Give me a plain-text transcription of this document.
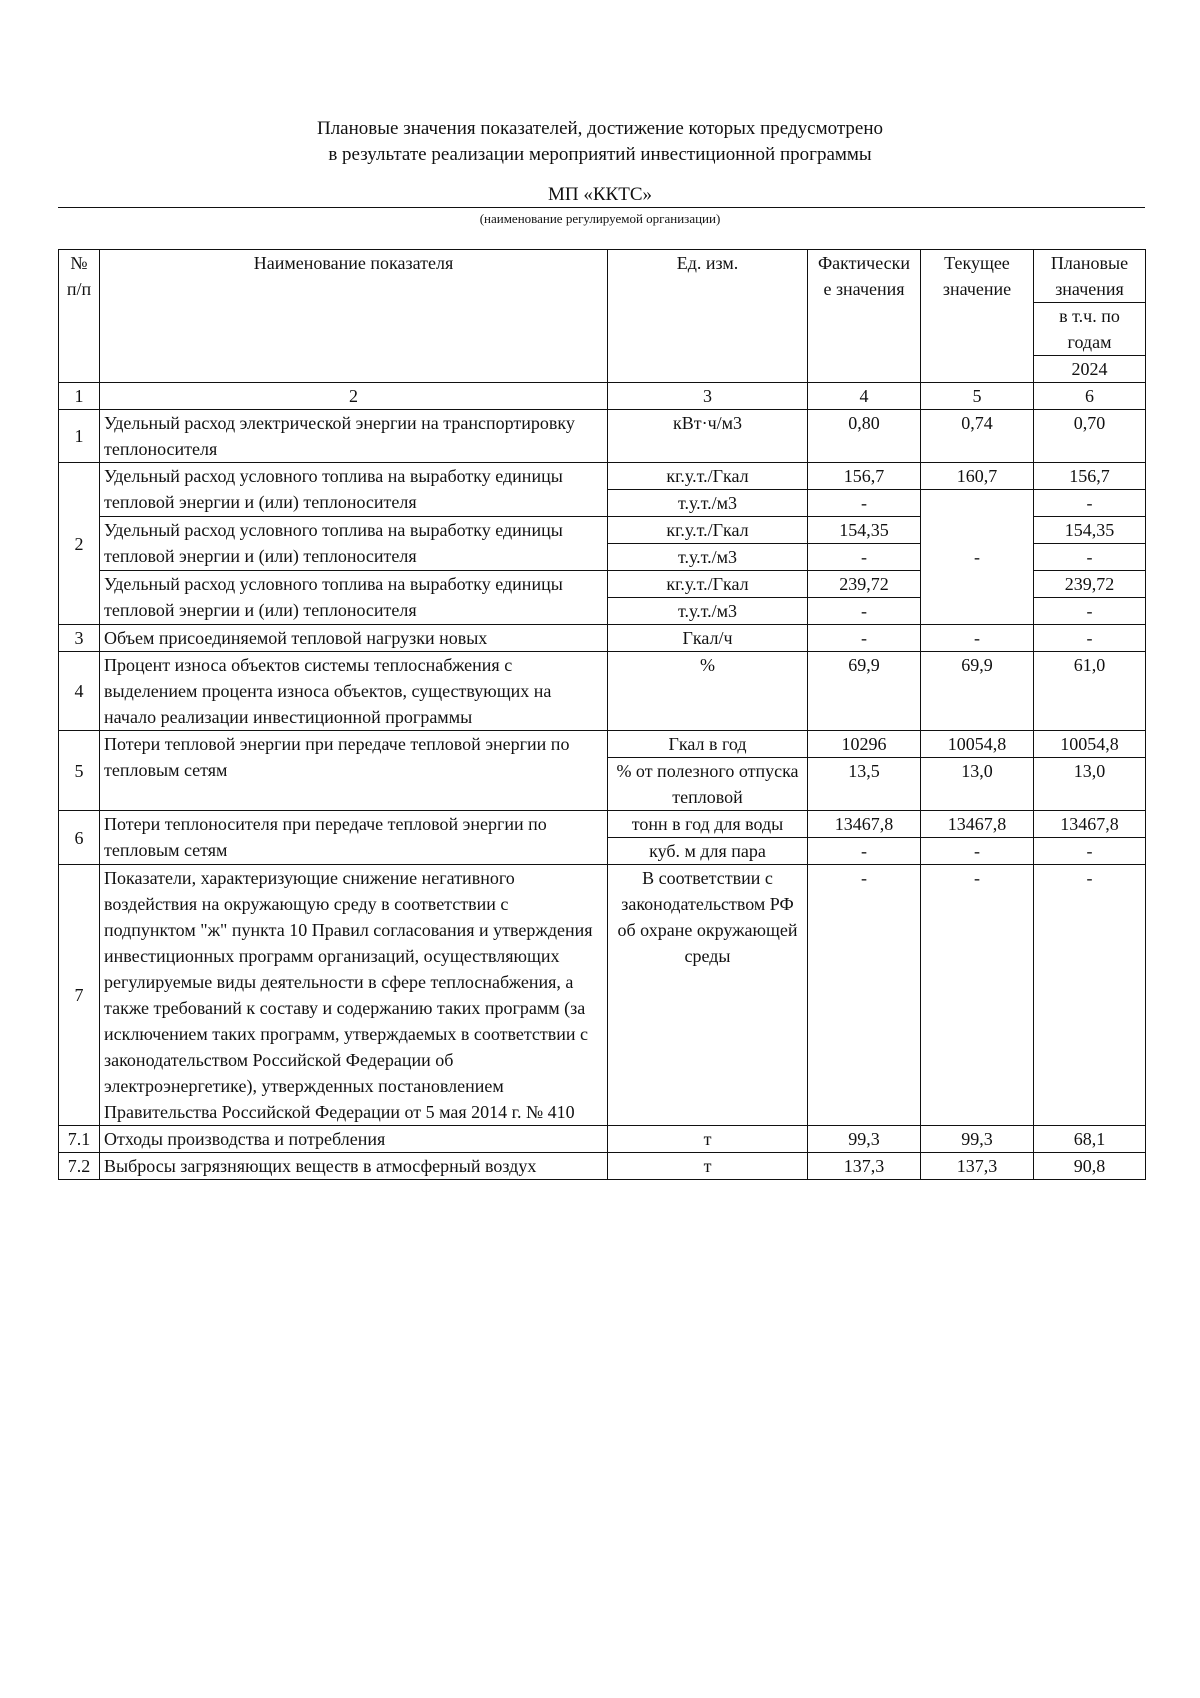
Плановые значения показателей, достижение которых предусмотрено
в результате реализации мероприятий инвестиционной программы
МП «ККТС»
(наименование регулируемой организации)
№ п/п	Наименование показателя	Ед. изм.	Фактически е значения	Текущее значение	Плановые значения

					в т.ч. по годам

					2024
1	2	3	4	5	6
1	Удельный расход электрической энергии на транспортировку теплоносителя	кВт·ч/м3	0,80	0,74	0,70
2	Удельный расход условного топлива на выработку единицы тепловой энергии и (или) теплоносителя	кг.у.т./Гкал	156,7	160,7	156,7
		т.у.т./м3	-	-	-
	Удельный расход условного топлива на выработку единицы тепловой энергии и (или) теплоносителя	кг.у.т./Гкал	154,35		154,35
		т.у.т./м3	-		-
	Удельный расход условного топлива на выработку единицы тепловой энергии и (или) теплоносителя	кг.у.т./Гкал	239,72		239,72
		т.у.т./м3	-		-
3	Объем присоединяемой тепловой нагрузки новых	Гкал/ч	-	-	-
4	Процент износа объектов системы теплоснабжения с выделением процента износа объектов, существующих на начало реализации инвестиционной программы	%	69,9	69,9	61,0
5	Потери тепловой энергии при передаче тепловой энергии по тепловым сетям	Гкал в год	10296	10054,8	10054,8
		% от полезного отпуска тепловой	13,5	13,0	13,0
6	Потери теплоносителя при передаче тепловой энергии по тепловым сетям	тонн в год для воды	13467,8	13467,8	13467,8
		куб. м для пара	-	-	-
7	Показатели, характеризующие снижение негативного воздействия на окружающую среду в соответствии с подпунктом "ж" пункта 10 Правил согласования и утверждения инвестиционных программ организаций, осуществляющих регулируемые виды деятельности в сфере теплоснабжения, а также требований к составу и содержанию таких программ (за исключением таких программ, утверждаемых в соответствии с законодательством Российской Федерации об электроэнергетике), утвержденных постановлением Правительства Российской Федерации от 5 мая 2014 г. № 410	В соответствии с законодательством РФ об охране окружающей среды	-	-	-
7.1	Отходы производства и потребления	т	99,3	99,3	68,1
7.2	Выбросы загрязняющих веществ в атмосферный воздух	т	137,3	137,3	90,8
